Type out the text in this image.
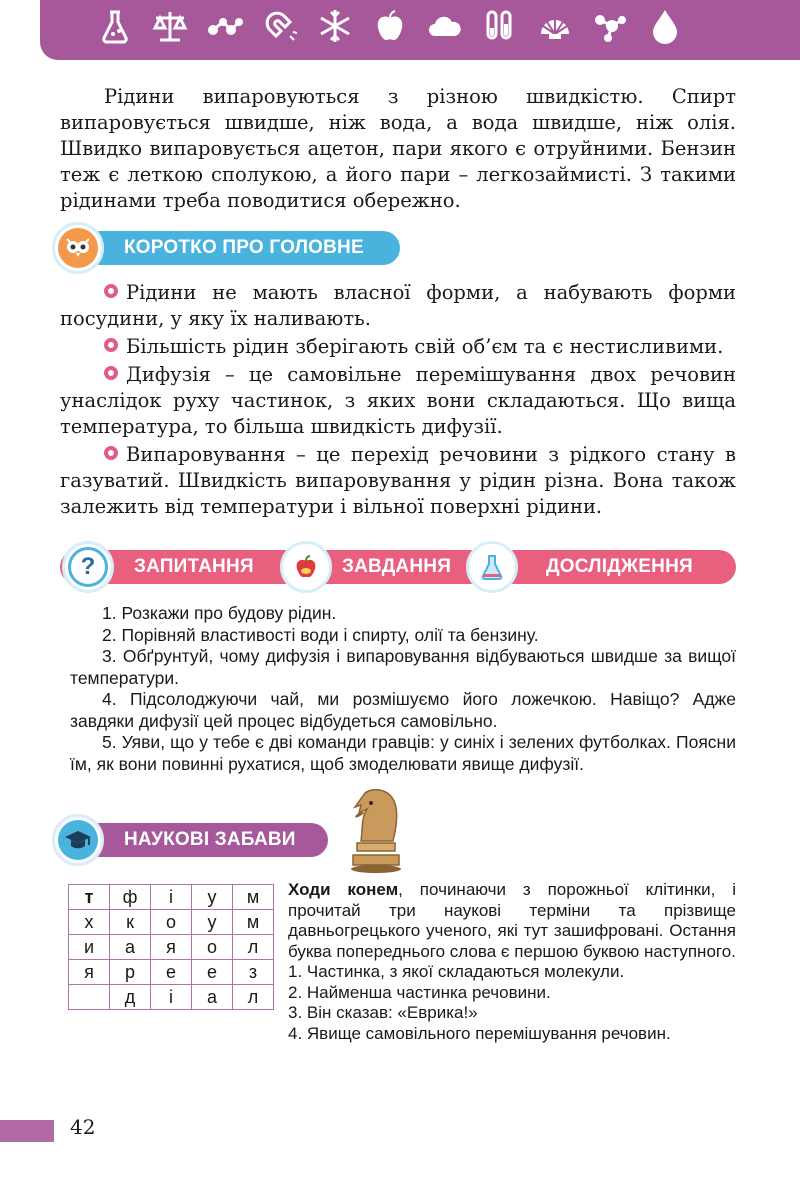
Рідини випаровуються з різною швидкістю. Спирт випаровується швидше, ніж вода, а вода швидше, ніж олія. Швидко випаровується ацетон, пари якого є отруйними. Бензин теж є леткою сполукою, а його пари – легкозаймисті. З такими рідинами треба поводитися обережно.

КОРОТКО ПРО ГОЛОВНЕ
Рідини не мають власної форми, а набувають форми посудини, у яку їх наливають.
Більшість рідин зберігають свій об’єм та є нестисливими.
Дифузія – це самовільне перемішування двох речовин унаслідок руху частинок, з яких вони складаються. Що вища температура, то більша швидкість дифузії.
Випаровування – це перехід речовини з рідкого стану в газуватий. Швидкість випаровування у рідин різна. Вона також залежить від температури і вільної поверхні рідини.
ЗАПИТАННЯ	ЗАВДАННЯ	ДОСЛІДЖЕННЯ
?

1. Розкажи про будову рідин.

2. Порівняй властивості води і спирту, олії та бензину.

3. Обґрунтуй, чому дифузія і випаровування відбуваються швидше за вищої температури.

4. Підсолоджуючи чай, ми розмішуємо його ложечкою. Навіщо? Адже завдяки дифузії цей процес відбудеться самовільно.

5. Уяви, що у тебе є дві команди гравців: у синіх і зелених футболках. Поясни їм, як вони повинні рухатися, щоб змоделювати явище дифузії.

НАУКОВІ ЗАБАВИ
т	ф	і	у	м
х	к	о	у	м
и	а	я	о	л
я	р	е	е	з
	д	і	а	л

Ходи конем, починаючи з порожньої клітинки, і прочитай три наукові терміни та прізвище давньогрецького ученого, які тут зашифровані. Остання буква попереднього слова є першою буквою наступного.

1. Частинка, з якої складаються молекули.

2. Найменша частинка речовини.

3. Він сказав: «Еврика!»

4. Явище самовільного перемішування речовин.

42
